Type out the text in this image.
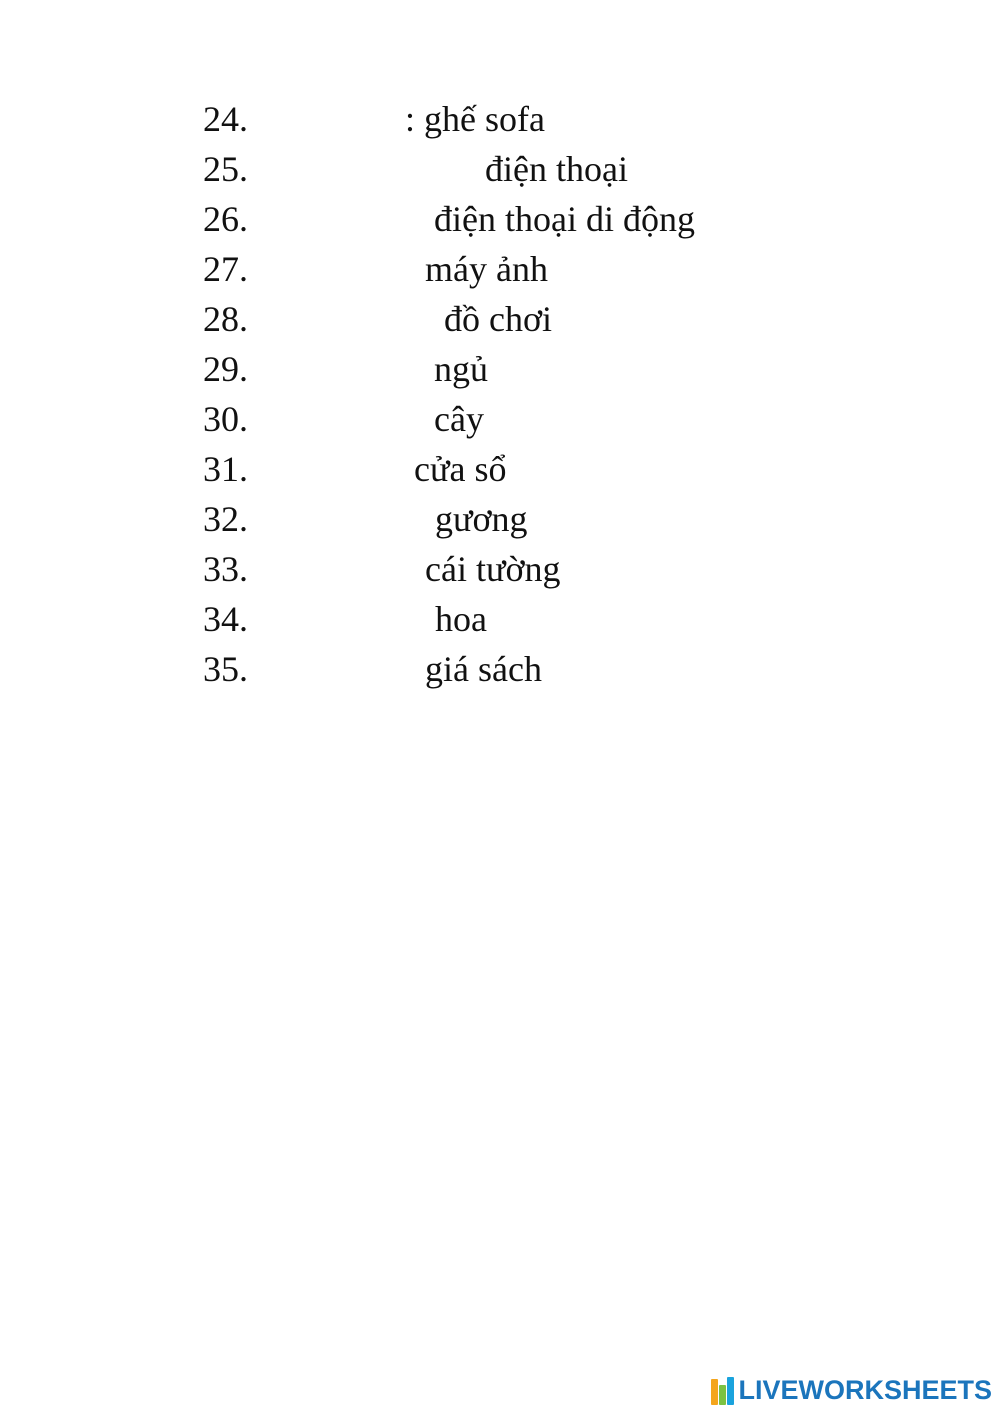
24.	: ghế sofa
25.	điện thoại
26.	điện thoại di động
27.	máy ảnh
28.	đồ chơi
29.	ngủ
30.	cây
31.	cửa sổ
32.	gương
33.	cái tường
34.	hoa
35.	giá sách
LIVEWORKSHEETS
